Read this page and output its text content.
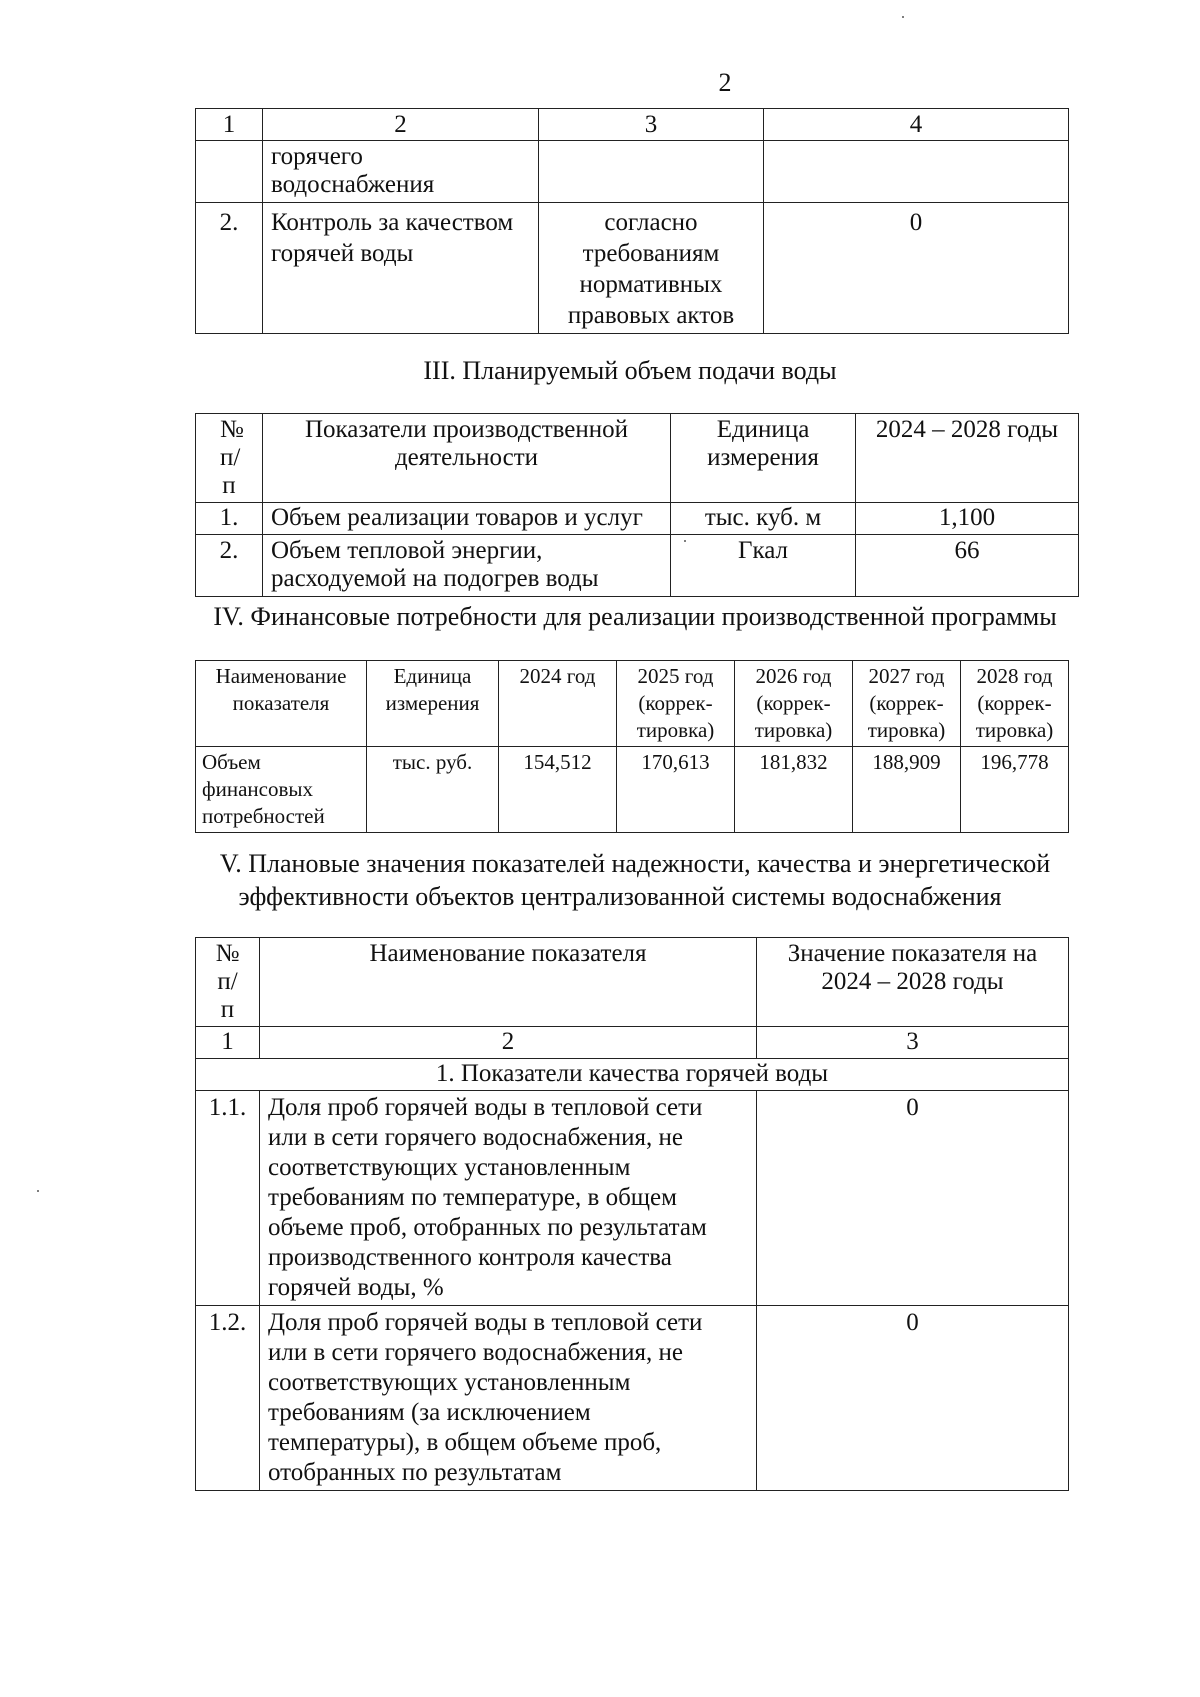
2
1	2	3	4
	горячего водоснабжения		
2.	Контроль за качеством горячей воды	согласно требованиям нормативных правовых актов	0
III. Планируемый объем подачи воды
№ п/п	Показатели производственной деятельности	Единица измерения	2024 – 2028 годы
1.	Объем реализации товаров и услуг	тыс. куб. м	1,100
2.	Объем тепловой энергии, расходуемой на подогрев воды	Гкал	66
IV. Финансовые потребности для реализации производственной программы
Наименование показателя	Единица измерения	2024 год	2025 год (коррек-тировка)	2026 год (коррек-тировка)	2027 год (коррек-тировка)	2028 год (коррек-тировка)
Объем финансовых потребностей	тыс. руб.	154,512	170,613	181,832	188,909	196,778
V. Плановые значения показателей надежности, качества и энергетической
эффективности объектов централизованной системы водоснабжения
№ п/п	Наименование показателя	Значение показателя на 2024 – 2028 годы
1	2	3
1. Показатели качества горячей воды		
1.1.	Доля проб горячей воды в тепловой сети или в сети горячего водоснабжения, не соответствующих установленным требованиям по температуре, в общем объеме проб, отобранных по результатам производственного контроля качества горячей воды, %	0
1.2.	Доля проб горячей воды в тепловой сети или в сети горячего водоснабжения, не соответствующих установленным требованиям (за исключением температуры), в общем объеме проб, отобранных по результатам	0
